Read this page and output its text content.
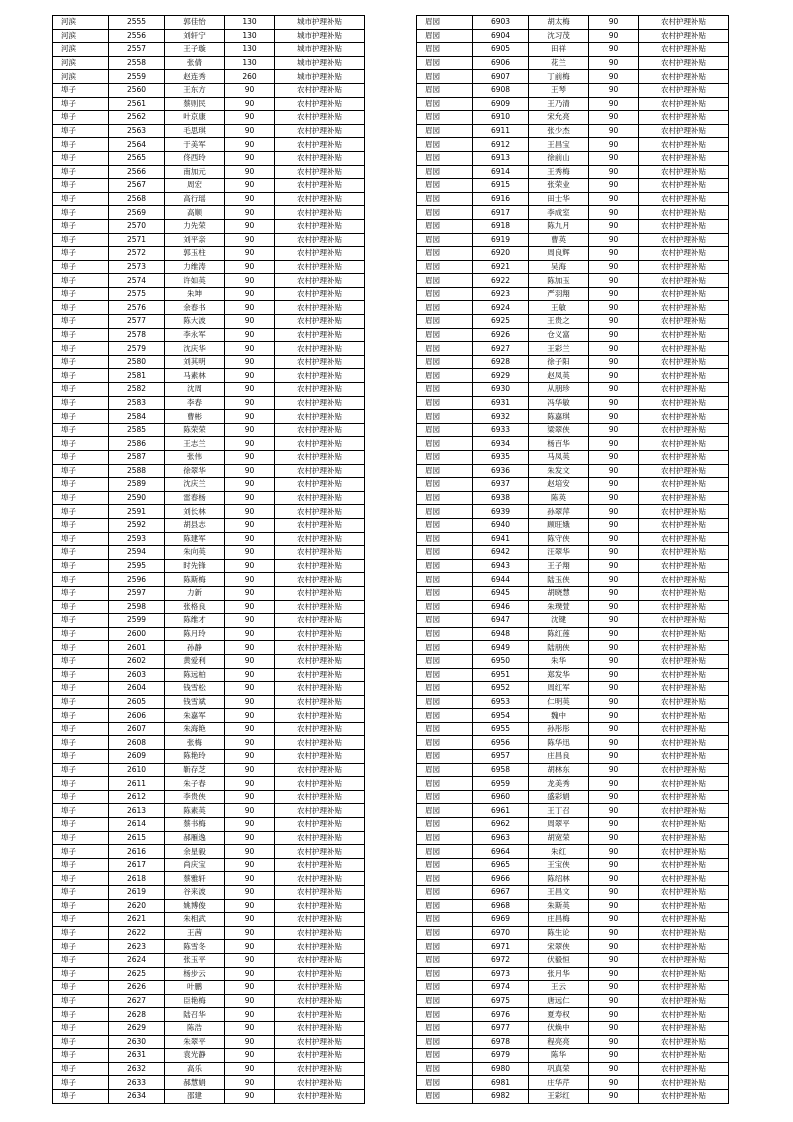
河滨	2555	郭佳怡	130	城市护理补贴
河滨	2556	刘轩宁	130	城市护理补贴
河滨	2557	王子璇	130	城市护理补贴
河滨	2558	张倩	130	城市护理补贴
河滨	2559	赵连秀	260	城市护理补贴
埠子	2560	王东方	90	农村护理补贴
埠子	2561	蔡则民	90	农村护理补贴
埠子	2562	叶京康	90	农村护理补贴
埠子	2563	毛思琪	90	农村护理补贴
埠子	2564	于美军	90	农村护理补贴
埠子	2565	佟西玲	90	农村护理补贴
埠子	2566	南加元	90	农村护理补贴
埠子	2567	周宏	90	农村护理补贴
埠子	2568	高行瑶	90	农村护理补贴
埠子	2569	高顺	90	农村护理补贴
埠子	2570	力先荣	90	农村护理补贴
埠子	2571	刘平亲	90	农村护理补贴
埠子	2572	郭玉柱	90	农村护理补贴
埠子	2573	力维涛	90	农村护理补贴
埠子	2574	许如英	90	农村护理补贴
埠子	2575	朱坤	90	农村护理补贴
埠子	2576	余春书	90	农村护理补贴
埠子	2577	陈大波	90	农村护理补贴
埠子	2578	李永军	90	农村护理补贴
埠子	2579	沈庆华	90	农村护理补贴
埠子	2580	刘其明	90	农村护理补贴
埠子	2581	马素林	90	农村护理补贴
埠子	2582	沈周	90	农村护理补贴
埠子	2583	李春	90	农村护理补贴
埠子	2584	曹彬	90	农村护理补贴
埠子	2585	陈荣荣	90	农村护理补贴
埠子	2586	王志兰	90	农村护理补贴
埠子	2587	张伟	90	农村护理补贴
埠子	2588	徐翠华	90	农村护理补贴
埠子	2589	沈庆兰	90	农村护理补贴
埠子	2590	雷春杨	90	农村护理补贴
埠子	2591	刘长林	90	农村护理补贴
埠子	2592	胡县志	90	农村护理补贴
埠子	2593	陈建军	90	农村护理补贴
埠子	2594	朱向英	90	农村护理补贴
埠子	2595	时先锋	90	农村护理补贴
埠子	2596	陈斯梅	90	农村护理补贴
埠子	2597	力新	90	农村护理补贴
埠子	2598	张格良	90	农村护理补贴
埠子	2599	陈维才	90	农村护理补贴
埠子	2600	陈月玲	90	农村护理补贴
埠子	2601	孙静	90	农村护理补贴
埠子	2602	黄爱利	90	农村护理补贴
埠子	2603	陈远柏	90	农村护理补贴
埠子	2604	钱雪松	90	农村护理补贴
埠子	2605	钱雪斌	90	农村护理补贴
埠子	2606	朱嘉军	90	农村护理补贴
埠子	2607	朱海艳	90	农村护理补贴
埠子	2608	张梅	90	农村护理补贴
埠子	2609	陈艳玲	90	农村护理补贴
埠子	2610	靳存芝	90	农村护理补贴
埠子	2611	朱子春	90	农村护理补贴
埠子	2612	李贵侠	90	农村护理补贴
埠子	2613	陈素英	90	农村护理补贴
埠子	2614	蔡书梅	90	农村护理补贴
埠子	2615	郝雁逸	90	农村护理补贴
埠子	2616	余星毅	90	农村护理补贴
埠子	2617	尚庆宝	90	农村护理补贴
埠子	2618	蔡雅轩	90	农村护理补贴
埠子	2619	谷来波	90	农村护理补贴
埠子	2620	姚博俊	90	农村护理补贴
埠子	2621	朱相武	90	农村护理补贴
埠子	2622	王茜	90	农村护理补贴
埠子	2623	陈雪冬	90	农村护理补贴
埠子	2624	张玉平	90	农村护理补贴
埠子	2625	杨步云	90	农村护理补贴
埠子	2626	叶鹏	90	农村护理补贴
埠子	2627	臣艳梅	90	农村护理补贴
埠子	2628	陆召华	90	农村护理补贴
埠子	2629	陈浩	90	农村护理补贴
埠子	2630	朱翠平	90	农村护理补贴
埠子	2631	袁光静	90	农村护理补贴
埠子	2632	高乐	90	农村护理补贴
埠子	2633	郝慧娟	90	农村护理补贴
埠子	2634	邵建	90	农村护理补贴
眉园	6903	胡太梅	90	农村护理补贴
眉园	6904	沈习茂	90	农村护理补贴
眉园	6905	田祥	90	农村护理补贴
眉园	6906	花兰	90	农村护理补贴
眉园	6907	丁前梅	90	农村护理补贴
眉园	6908	王琴	90	农村护理补贴
眉园	6909	王乃清	90	农村护理补贴
眉园	6910	宋允亮	90	农村护理补贴
眉园	6911	张少杰	90	农村护理补贴
眉园	6912	王昌宝	90	农村护理补贴
眉园	6913	徐前山	90	农村护理补贴
眉园	6914	王秀梅	90	农村护理补贴
眉园	6915	张荣业	90	农村护理补贴
眉园	6916	田士华	90	农村护理补贴
眉园	6917	李成室	90	农村护理补贴
眉园	6918	陈九月	90	农村护理补贴
眉园	6919	曹英	90	农村护理补贴
眉园	6920	周良辉	90	农村护理补贴
眉园	6921	吴海	90	农村护理补贴
眉园	6922	陈加玉	90	农村护理补贴
眉园	6923	严羽翔	90	农村护理补贴
眉园	6924	王敏	90	农村护理补贴
眉园	6925	王贵之	90	农村护理补贴
眉园	6926	仓义富	90	农村护理补贴
眉园	6927	王彩兰	90	农村护理补贴
眉园	6928	徐子阳	90	农村护理补贴
眉园	6929	赵凤英	90	农村护理补贴
眉园	6930	从朋珍	90	农村护理补贴
眉园	6931	冯华敏	90	农村护理补贴
眉园	6932	陈嘉琪	90	农村护理补贴
眉园	6933	梁翠侠	90	农村护理补贴
眉园	6934	杨百华	90	农村护理补贴
眉园	6935	马凤英	90	农村护理补贴
眉园	6936	朱发文	90	农村护理补贴
眉园	6937	赵培安	90	农村护理补贴
眉园	6938	陈英	90	农村护理补贴
眉园	6939	孙翠萍	90	农村护理补贴
眉园	6940	顾旺娥	90	农村护理补贴
眉园	6941	陈守侠	90	农村护理补贴
眉园	6942	汪翠华	90	农村护理补贴
眉园	6943	王子翔	90	农村护理补贴
眉园	6944	陆玉侠	90	农村护理补贴
眉园	6945	胡晓慧	90	农村护理补贴
眉园	6946	朱璞萱	90	农村护理补贴
眉园	6947	沈键	90	农村护理补贴
眉园	6948	陈红莲	90	农村护理补贴
眉园	6949	陆朋侠	90	农村护理补贴
眉园	6950	朱华	90	农村护理补贴
眉园	6951	郑发华	90	农村护理补贴
眉园	6952	周红军	90	农村护理补贴
眉园	6953	仁明英	90	农村护理补贴
眉园	6954	魏中	90	农村护理补贴
眉园	6955	孙彤彤	90	农村护理补贴
眉园	6956	陈华迅	90	农村护理补贴
眉园	6957	庄昌良	90	农村护理补贴
眉园	6958	胡林东	90	农村护理补贴
眉园	6959	龙美秀	90	农村护理补贴
眉园	6960	盛彩娟	90	农村护理补贴
眉园	6961	王丁召	90	农村护理补贴
眉园	6962	周翠平	90	农村护理补贴
眉园	6963	胡宽荣	90	农村护理补贴
眉园	6964	朱红	90	农村护理补贴
眉园	6965	王宝侠	90	农村护理补贴
眉园	6966	陈绍林	90	农村护理补贴
眉园	6967	王昌文	90	农村护理补贴
眉园	6968	朱斯英	90	农村护理补贴
眉园	6969	庄昌梅	90	农村护理补贴
眉园	6970	陈生论	90	农村护理补贴
眉园	6971	宋翠侠	90	农村护理补贴
眉园	6972	伏毅恒	90	农村护理补贴
眉园	6973	张月华	90	农村护理补贴
眉园	6974	王云	90	农村护理补贴
眉园	6975	唐远仁	90	农村护理补贴
眉园	6976	夏寿权	90	农村护理补贴
眉园	6977	伏焕中	90	农村护理补贴
眉园	6978	程亮亮	90	农村护理补贴
眉园	6979	陈华	90	农村护理补贴
眉园	6980	巩真荣	90	农村护理补贴
眉园	6981	庄华芹	90	农村护理补贴
眉园	6982	王彩红	90	农村护理补贴
